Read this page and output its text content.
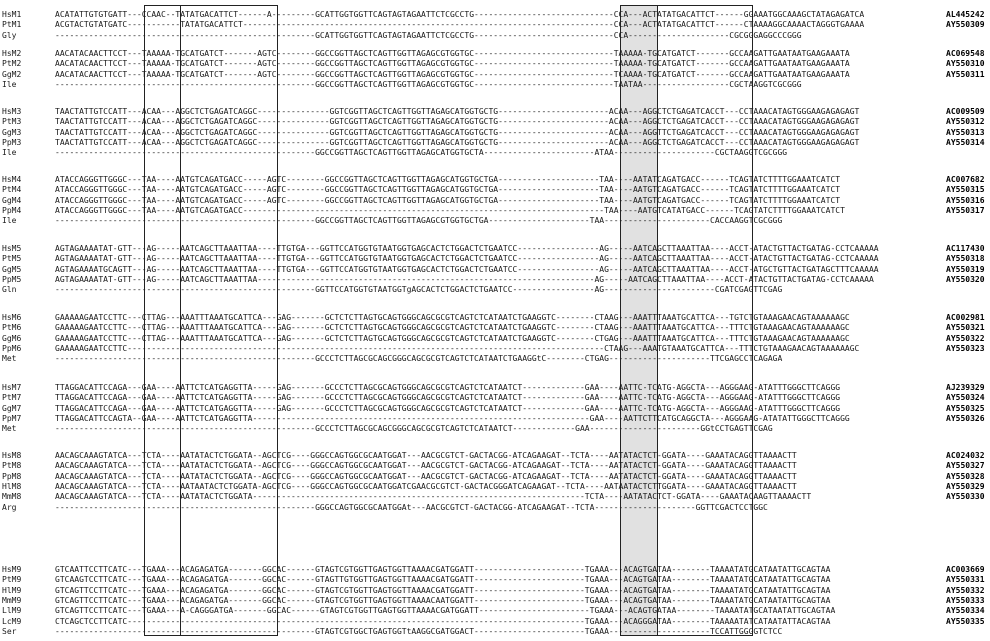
HsM1	ACATATTGTGTGATT---CCAAC--TATATGACATTCT------A---------GCATTGGTGGTTCAGTAGTAGAATTCTCGCCTG-----------------------------CCA---ACTATATGACATTCT------GGAAATGGCAAAGCTATAGAGATCA	AL445242
PtM1	ACGTACTGTATGATC-----------TATATGACATTCT-----------------------------------------------------------------------------CCA---ACTATATGACATTCT------CTAAAAGGCAAAACTAGGGTGAAAA	AY550309
Gly	------------------------------------------------------GCATTGGTGGTTCAGTAGTAGAATTCTCGCCTG-----------------------------CCA---------------------CGCGGGAGGCCCGGG
HsM2	AACATACAACTTCCT---TAAAAA-TGCATGATCT-------AGTC--------GGCCGGTTAGCTCAGTTGGTTAGAGCGTGGTGC-----------------------------TAAAAA-TGCATGATCT-------GCCAAGATTGAATAATGAAGAAATA	AC069548
PtM2	AACATACAACTTCCT---TAAAAA-TGCATGATCT-------AGTC--------GGCCGGTTAGCTCAGTTGGTTAGAGCGTGGTGC-----------------------------TAAAAA-TGCATGATCT-------GCCAAGATTGAATAATGAAGAAATA	AY550310
GgM2	AACATACAACTTCCT---TAAAAA-TGCATGATCT-------AGTC--------GGCCGGTTAGCTCAGTTGGTTAGAGCGTGGTGC-----------------------------TCAAAA-TGCATGATCT-------GCCAAGATTGAATAATGAAGAAATA	AY550311
Ile	------------------------------------------------------GGCCGGTTAGCTCAGTTGGTTAGAGCGTGGTGC-----------------------------TAATAA------------------CGCTAAGGTCGCGGG
HsM3	TAACTATTGTCCATT---ACAA---AGGCTCTGAGATCAGGC---------------GGTCGGTTAGCTCAGTTGGTTAGAGCATGGTGCTG-----------------------ACAA---AGGCTCTGAGATCACCT---CCTAAACATAGTGGGAAGAGAGAGT	AC009509
PtM3	TAACTATTGTCCATT---ACAA---AGGCTCTGAGATCAGGC---------------GGTCGGTTAGCTCAGTTGGTTAGAGCATGGTGCTG-----------------------ACAA---AGGCTCTGAGATCACCT---CCTAAACATAGTGGGAAGAGAGAGT	AY550312
GgM3	TAACTATTGTCCATT---ACAA---AGGCTCTGAGATCAGGC---------------GGTCGGTTAGCTCAGTTGGTTAGAGCATGGTGCTG-----------------------ACAA---AGGTTCTGAGATCACCT---CCTAAACATAGTGGGAAGAGAGAGT	AY550313
PpM3	TAACTATTGTCCATT---ACAA---AGGCTCTGAGATCAGGC---------------GGTCGGTTAGCTCAGTTGGTTAGAGCATGGTGCTG-----------------------ACAA---AGGCTCTGAGATCACCT---CCTAAACATAGTGGGAAGAGAGAGT	AY550314
Ile	------------------------------------------------------GGCCGGTTAGCTCAGTTGGTTAGAGCATGGTGCTA-----------------------ATAA---------------------CGCTAAGGTCGCGGG
HsM4	ATACCAGGGTTGGGC---TAA----AATGTCAGATGACC-----AGTC--------GGCCGGTTAGCTCAGTTGGTTAGAGCATGGTGCTGA---------------------TAA----AATATCAGATGACC------TCAGTATCTTTTGGAAATCATCT	AC007682
PtM4	ATACCAGGGTTGGGC---TAA----AATGTCAGATGACC-----AGTC--------GGCCGGTTAGCTCAGTTGGTTAGAGCATGGTGCTGA---------------------TAA----AATGTCAGATGACC------TCAGTATCTTTTGGAAATCATCT	AY550315
GgM4	ATACCAGGGTTGGGC---TAA----AATGTCAGATGACC-----AGTC--------GGCCGGTTAGCTCAGTTGGTTAGAGCATGGTGCTGA---------------------TAA----AATGTCAGATGACC------TCAGTATCTTTTGGAAATCATCT	AY550316
PpM4	ATACCAGGGTTGGGC---TAA----AATGTCAGATGACC---------------------------------------------------------------------------TAA----AATGTCATATGACC------TCAGTATCTTTTGGAAATCATCT	AY550317
Ile	------------------------------------------------------GGCCGGTTAGCTCAGTTGGTTAGAGCGTGGTGCTGA---------------------TAA----------------------CACCAAGGTCGCGGG
HsM5	AGTAGAAAATAT-GTT---AG-----AATCAGCTTAAATTAA----TTGTGA---GGTTCCATGGTGTAATGGTGAGCACTCTGGACTCTGAATCC-----------------AG-----AATCAGCTTAAATTAA----ACCT-ATACTGTTACTGATAG-CCTCAAAAA	AC117430
PtM5	AGTAGAAAATAT-GTT---AG-----AATCAGCTTAAATTAA----TTGTGA---GGTTCCATGGTGTAATGGTGAGCACTCTGGACTCTGAATCC-----------------AG-----AATCAGCTTAAATTAA----ACCT-ATACTGTTACTGATAG-CCTCAAAAA	AY550318
GgM5	AGTAGAAAATGCAGTT---AG-----AATCAGCTTAAATTAA----TTGTGA---GGTTCCATGGTGTAATGGTGAGCACTCTGGACTCTGAATCC-----------------AG-----AATCAGCTTAAATTAA----ACCT-ATGCTGTTACTGATAGCTTTCAAAAA	AY550319
PpM5	AGTAGAAAATAT-GTT---AG-----AATCAGCTTAAATTAA----------------------------------------------------------------------AG-----AATCAGCTTAAATTAA----ACCT-ATACTGTTACTGATAG-CCTCAAAAA	AY550320
Gln	------------------------------------------------------GGTTCCATGGTGTAATGGTgAGCACTCTGGACTCTGAATCC-----------------AG-----------------------CGATCGAGTTCGAG
HsM6	GAAAAAGAATCCTTC---CTTAG---AAATTTAAATGCATTCA---GAG-------GCTCTCTTAGTGCAGTGGGCAGCGCGTCAGTCTCATAATCTGAAGGTC--------CTAAG---AAATTTAAATGCATTCA---TGTCTGTAAAGAACAGTAAAAAAGC	AC002981
PtM6	GAAAAAGAATCCTTC---CTTAG---AAATTTAAATGCATTCA---GAG-------GCTCTCTTAGTGCAGTGGGCAGCGCGTCAGTCTCATAATCTGAAGGTC--------CTAAG---AAATTTAAATGCATTCA---TTTCTGTAAAGAACAGTAAAAAAGC	AY550321
GgM6	GAAAAAGAATCCTTC---CTTAG---AAATTTAAATGCATTCA---GAG-------GCTCTCTTAGTGCAGTGGGCAGCGCGTCAGTCTCATAATCTGAAGGTC--------CTGAG---AAATTTAAATGCATTCA---TTTCTGTAAAGAACAGTAAAAAAGC	AY550322
PpM6	GAAAAAGAATCCTTC---------------------------------------------------------------------------------------------------CTAAG---AAATGTAAATGCATTCA---TTTCTGTAAAGAACAGTAAAAAAGC	AY550323
Met	------------------------------------------------------GCCCTCTTAGCGCAGCGGGCAGCGCGTCAGTCTCATAATCTGAAGGtC--------CTGAG---------------------TTCGAGCCTCAGAGA
HsM7	TTAGGACATTCCAGA---GAA----AATTCTCATGAGGTTA-----GAG-------GCCCTCTTAGCGCAGTGGGCAGCGCGTCAGTCTCATAATCT-------------GAA----AATTC-TCATG-AGGCTA---AGGGAAG-ATATTTGGGCTTCAGGG	AJ239329
PtM7	TTAGGACATTCCAGA---GAA----AATTCTCATGAGGTTA-----GAG-------GCCCTCTTAGCGCAGTGGGCAGCGCGTCAGTCTCATAATCT-------------GAA----AATTC-TCATG-AGGCTA---AGGGAAG-ATATTTGGGCTTCAGGG	AY550324
GgM7	TTAGGACATTCCAGA---GAA----AATTCTCATGAGGTTA-----GAG-------GCCCTCTTAGCGCAGTGGGCAGCGCGTCAGTCTCATAATCT-------------GAA----AATTC-TCATG-AGGCTA---AGGGAAG-ATATTTGGGCTTCAGGG	AY550325
PpM7	TTAGGACATTCCAGTA--GAA----AATTCTCATGAGGTTA----------------------------------------------------------------------GAA----AATTCTTCATGCAGGCTA---AGGGAAG-ATATATTGGGCTTCAGGG	AY550326
Met	------------------------------------------------------GCCCTCTTAGCGCAGCGGGCAGCGCGTCAGTCTCATAATCT-------------GAA-----------------------GGtCCTGAGTTCGAG
HsM8	AACAGCAAAGTATCA---TCTA----AATATACTCTGGATA--AGCTCG----GGGCCAGTGGCGCAATGGAT---AACGCGTCT-GACTACGG-ATCAGAAGAT--TCTA----AATATACTCT-GGATA----GAAATACAGGTTAAAACTT	AC024032
PtM8	AACAGCAAAGTATCA---TCTA----AATATACTCTGGATA--AGCTCG----GGGCCAGTGGCGCAATGGAT---AACGCGTCT-GACTACGG-ATCAGAAGAT--TCTA----AATATACTCT-GGATA----GAAATACAGGTTAAAACTT	AY550327
PpM8	AACAGCAAAGTATCA---TCTA----AATATACTCTGGATA--AGCTCG----GGGCCAGTGGCGCAATGGAT---AACGCGTCT-GACTACGG-ATCAGAAGAT--TCTA----AATATACTCT-GGATA----GAAATACAGGTTAAAACTT	AY550328
HlM8	AACAGCAAAGTATCA---TCTA----AATAATACTCTGGATA-AGCTCG----GGGCCAGTGGCGCAATGGATCGAACGCGTCT-GACTACGGGATCAGAAGAT--TCTA----AATAATACTCTTGGATA----GAAATACAGGTTAAAACTT	AY550329
MmM8	AACAGCAAAGTATCA---TCTA----AATATACTCTGGATA---------------------------------------------------------------------TCTA----AATATACTCT-GGATA----GAAATACAAGTTAAAACTT	AY550330
Arg	------------------------------------------------------GGGCCAGTGGCGCAATGGAt---AACGCGTCT-GACTACGG-ATCAGAAGAT--TCTA---------------------GGTTCGACTCCTGGC
HsM9	GTCAATTCCTTCATC---TGAAA---ACAGAGATGA-------GGCAC------GTAGTCGTGGTTGAGTGGTTAAAACGATGGATT-----------------------TGAAA---ACAGTGATAA--------TAAAATATGCATAATATTGCAGTAA	AC003669
PtM9	GTCAAGTCCTTCATC---TGAAA---ACAGAGATGA-------GGCAC------GTAGTTGTGGTTGAGTGGTTAAAACGATGGATT-----------------------TGAAA---ACAGTGATAA--------TAAAATATGCATAATATTGCAGTAA	AY550331
HlM9	GTCAGTTCCTTCATC---TGAAA---ACAGAGATGA-------GGCAC------GTAGTCGTGGTTGAGTGGTTAAAACGATGGATT-----------------------TGAAA---ACAGTGATAA--------TAAAATATGCATAATATTGCAGTAA	AY550332
MmM9	GTCAGTTCCTTCATC---TGAAA---ACAGAGATGA-------GGCAC------GTAGTCGTGGTTGAGTGGTTAAAACAATGGATT-----------------------TGAAA---ACAGTGATAA--------TAAAATATGCATAATATTGCAGTAA	AY550333
LlM9	GTCAGTTCCTTCATC---TGAAA---A-CAGGGATGA-------GGCAC------GTAGTCGTGGTTGAGTGGTTAAAACGATGGATT-----------------------TGAAA---ACAGTGATAA--------TAAAATATGCATAATATTGCAGTAA	AY550334
LcM9	CTCAGCTCCTTCATC-----------------------------------------------------------------------------------------------TGAAA---ACAGGGATAA--------TAAAAATATCATAATATTACAGTAA	AY550335
Ser	------------------------------------------------------GTAGTCGTGGCTGAGTGGTtAAGGCGATGGACT-----------------------TGAAA---------------------TCCATTGGGGTCTCC
